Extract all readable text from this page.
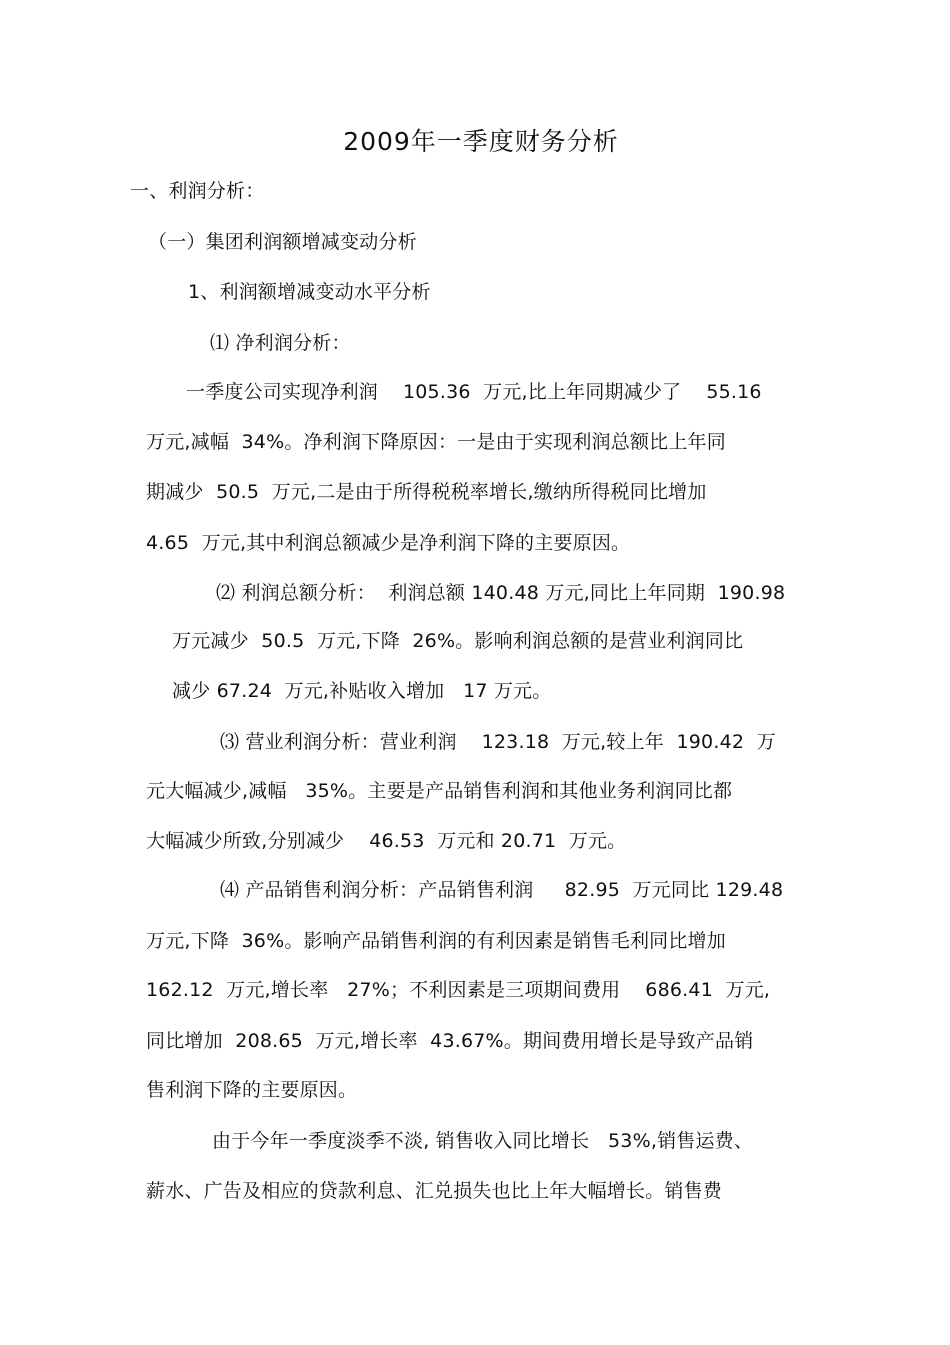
2009年一季度财务分析
一、利润分析：
（一）集团利润额增减变动分析
1、利润额增减变动水平分析
⑴ 净利润分析：
一季度公司实现净利润    105.36  万元,比上年同期减少了    55.16
万元,减幅  34%。净利润下降原因：一是由于实现利润总额比上年同
期减少  50.5  万元,二是由于所得税税率增长,缴纳所得税同比增加
4.65  万元,其中利润总额减少是净利润下降的主要原因。
⑵ 利润总额分析：  利润总额 140.48 万元,同比上年同期  190.98
万元减少  50.5  万元,下降  26%。影响利润总额的是营业利润同比
减少 67.24  万元,补贴收入增加   17 万元。
⑶ 营业利润分析：营业利润    123.18  万元,较上年  190.42  万
元大幅减少,减幅   35%。主要是产品销售利润和其他业务利润同比都
大幅减少所致,分别减少    46.53  万元和 20.71  万元。
⑷ 产品销售利润分析：产品销售利润     82.95  万元同比 129.48
万元,下降  36%。影响产品销售利润的有利因素是销售毛利同比增加
162.12  万元,增长率   27%；不利因素是三项期间费用    686.41  万元,
同比增加  208.65  万元,增长率  43.67%。期间费用增长是导致产品销
售利润下降的主要原因。
由于今年一季度淡季不淡, 销售收入同比增长   53%,销售运费、
薪水、广告及相应的贷款利息、汇兑损失也比上年大幅增长。销售费
